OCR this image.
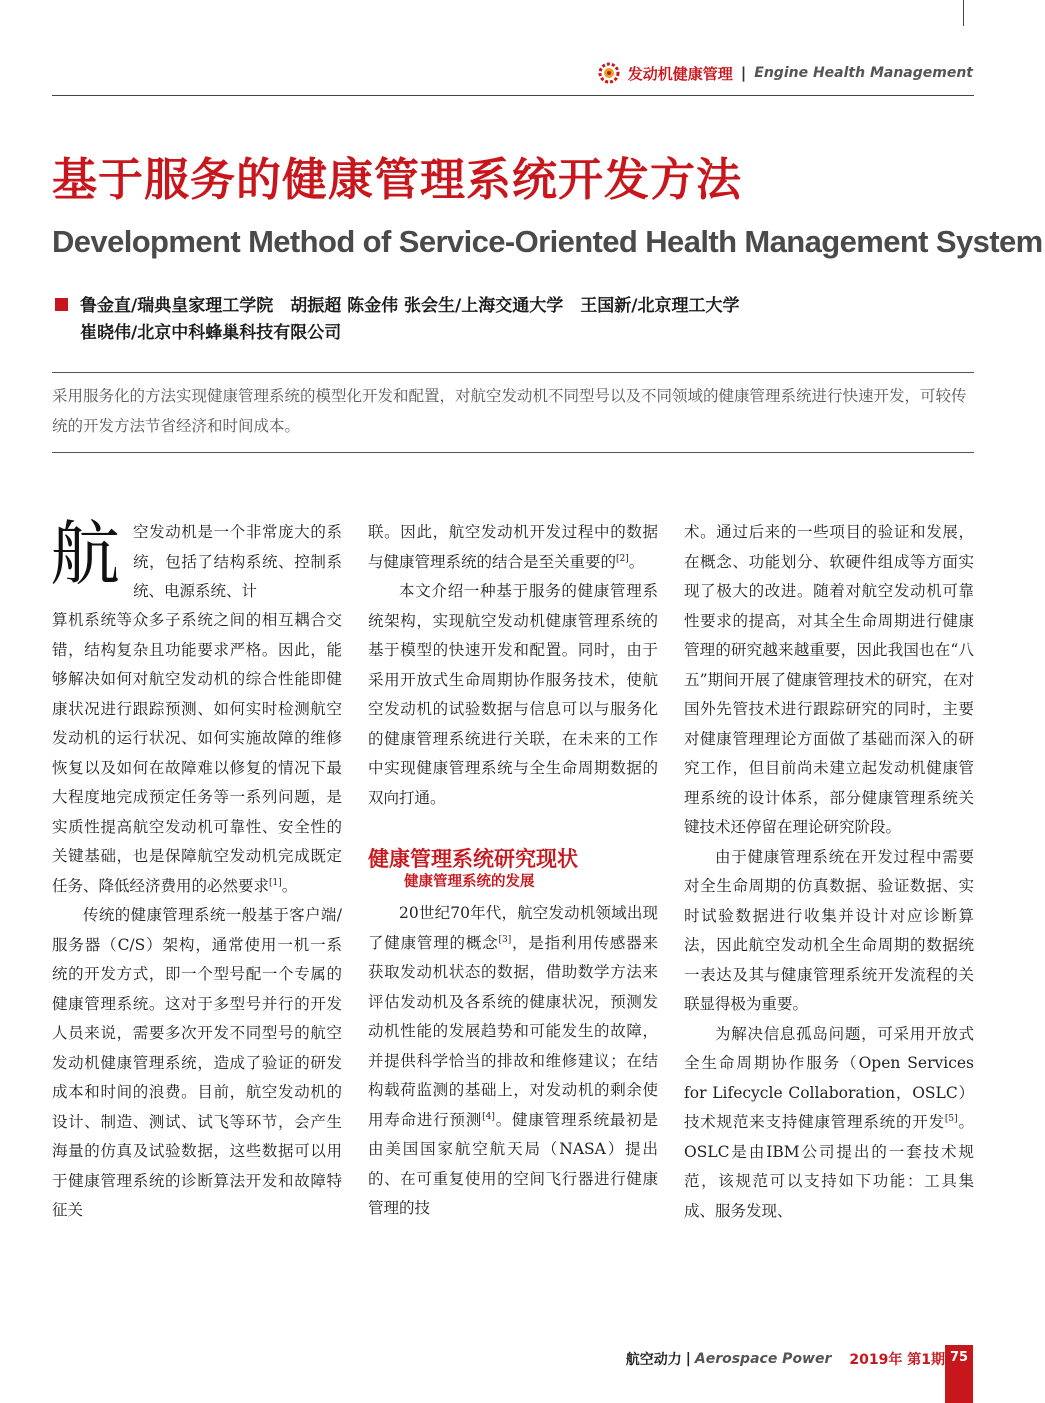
发动机健康管理 | Engine Health Management
基于服务的健康管理系统开发方法
Development Method of Service-Oriented Health Management System
鲁金直/瑞典皇家理工学院　胡振超 陈金伟 张会生/上海交通大学　王国新/北京理工大学
崔晓伟/北京中科蜂巢科技有限公司
采用服务化的方法实现健康管理系统的模型化开发和配置，对航空发动机不同型号以及不同领域的健康管理系统进行快速开发，可较传统的开发方法节省经济和时间成本。
航 空发动机是一个非常庞大的系统，包括了结构系统、控制系统、电源系统、计

算机系统等众多子系统之间的相互耦合交错，结构复杂且功能要求严格。因此，能够解决如何对航空发动机的综合性能即健康状况进行跟踪预测、如何实时检测航空发动机的运行状况、如何实施故障的维修恢复以及如何在故障难以修复的情况下最大程度地完成预定任务等一系列问题，是实质性提高航空发动机可靠性、安全性的关键基础，也是保障航空发动机完成既定任务、降低经济费用的必然要求[1]。

传统的健康管理系统一般基于客户端/服务器（C/S）架构，通常使用一机一系统的开发方式，即一个型号配一个专属的健康管理系统。这对于多型号并行的开发人员来说，需要多次开发不同型号的航空发动机健康管理系统，造成了验证的研发成本和时间的浪费。目前，航空发动机的设计、制造、测试、试飞等环节，会产生海量的仿真及试验数据，这些数据可以用于健康管理系统的诊断算法开发和故障特征关

联。因此，航空发动机开发过程中的数据与健康管理系统的结合是至关重要的[2]。

本文介绍一种基于服务的健康管理系统架构，实现航空发动机健康管理系统的基于模型的快速开发和配置。同时，由于采用开放式生命周期协作服务技术，使航空发动机的试验数据与信息可以与服务化的健康管理系统进行关联，在未来的工作中实现健康管理系统与全生命周期数据的双向打通。

健康管理系统研究现状
健康管理系统的发展

20世纪70年代，航空发动机领域出现了健康管理的概念[3]，是指利用传感器来获取发动机状态的数据，借助数学方法来评估发动机及各系统的健康状况，预测发动机性能的发展趋势和可能发生的故障，并提供科学恰当的排故和维修建议；在结构载荷监测的基础上，对发动机的剩余使用寿命进行预测[4]。健康管理系统最初是由美国国家航空航天局（NASA）提出的、在可重复使用的空间飞行器进行健康管理的技

术。通过后来的一些项目的验证和发展，在概念、功能划分、软硬件组成等方面实现了极大的改进。随着对航空发动机可靠性要求的提高，对其全生命周期进行健康管理的研究越来越重要，因此我国也在“八五”期间开展了健康管理技术的研究，在对国外先管技术进行跟踪研究的同时，主要对健康管理理论方面做了基础而深入的研究工作，但目前尚未建立起发动机健康管理系统的设计体系，部分健康管理系统关键技术还停留在理论研究阶段。

由于健康管理系统在开发过程中需要对全生命周期的仿真数据、验证数据、实时试验数据进行收集并设计对应诊断算法，因此航空发动机全生命周期的数据统一表达及其与健康管理系统开发流程的关联显得极为重要。

为解决信息孤岛问题，可采用开放式全生命周期协作服务（Open Services for Lifecycle Collaboration，OSLC）技术规范来支持健康管理系统的开发[5]。OSLC是由IBM公司提出的一套技术规范，该规范可以支持如下功能：工具集成、服务发现、

航空动力 | Aerospace Power 2019年 第1期 75
